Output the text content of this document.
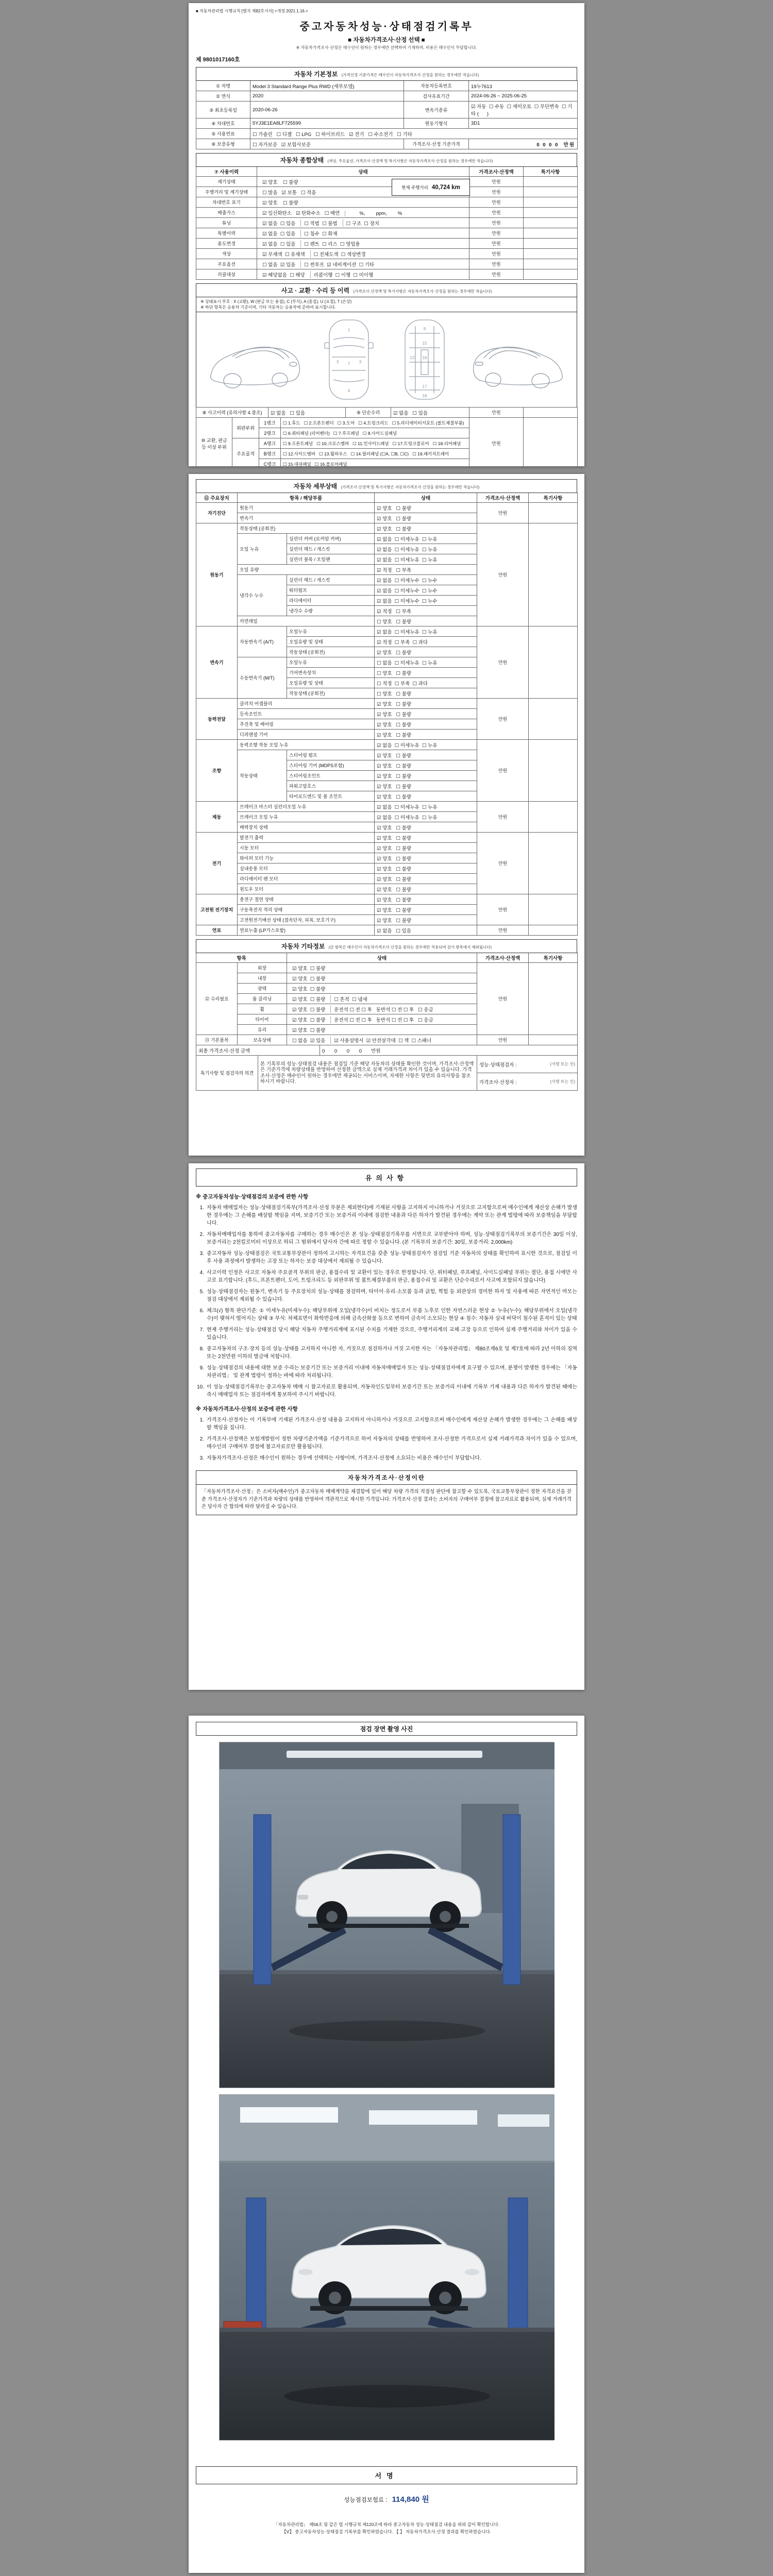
■ 자동차관리법 시행규칙 [별지 제82호서식] <개정 2021.1.16.>
중고자동차성능·상태점검기록부
■ 자동차가격조사·산정 선택 ■
※ 자동차가격조사·산정은 매수인이 원하는 경우에만 선택하여 기재하며, 비용은 매수인이 부담합니다.
제 9801017160호
자동차 기본정보 (가격산정 기준가격은 매수인이 자동차가격조사·산정을 원하는 경우에만 적습니다)
① 차명	Model 3 Standard Range Plus RWD (세부모델)	자동차등록번호	19누7613
② 연식	2020	검사유효기간	2024-06-26 ~ 2025-06-25
③ 최초등록일	2020-06-26	변속기종류	☑ 자동  ☐ 수동  ☐ 세미오토  ☐ 무단변속  ☐ 기타 (      )
④ 차대번호	5YJ3E1EA8LF725599	원동기형식	3D1
⑤ 사용연료	☐ 가솔린   ☐ 디젤   ☐ LPG   ☐ 하이브리드   ☑ 전기   ☐ 수소전기   ☐ 기타		
⑥ 보증유형	☐ 자가보증   ☑ 보험사보증	가격조사·산정 기준가격	0 0 0 0  만원
자동차 종합상태 (색상, 주요옵션, 가격조사·산정액 및 특기사항은 자동차가격조사·산정을 원하는 경우에만 적습니다)
⑦ 사용이력	상태	가격조사·산정액	특기사항
계기상태	☑ 양호    ☐ 불량	만원	
주행거리 및 계기상태	☐ 많음   ☑ 보통   ☐ 적음	만원	
차대번호 표기	☑ 양호    ☐ 불량	만원	
배출가스	☑ 일산화탄소   ☑ 탄화수소   ☐ 매연        %,        ppm,        %	만원	
튜닝	☑ 없음  ☐ 있음 ☐ 적법  ☐ 불법 ☐ 구조  ☐ 장치	만원	
특별이력	☑ 없음  ☐ 있음 ☐ 침수  ☐ 화재	만원	
용도변경	☑ 없음  ☐ 있음 ☐ 렌트  ☐ 리스  ☐ 영업용	만원	
색상	☑ 무채색  ☐ 유채색 ☐ 전체도색  ☐ 색상변경	만원	
주요옵션	☐ 없음  ☑ 있음 ☐ 썬루프  ☑ 네비게이션  ☐ 기타	만원	
리콜대상	☑ 해당없음  ☐ 해당 리콜이행  ☐ 이행  ☐ 미이행	만원	
현재 주행거리 40,724 km
사고 · 교환 · 수리 등 이력 (가격조사·산정액 및 특기사항은 자동차가격조사·산정을 원하는 경우에만 적습니다)
※ 상태표시 부호 : X (교환), W (판금 또는 용접), C (부식), A (흠집), U (요철), T (손상)
※ 하단 항목은 승용차 기준이며, 기타 자동차는 승용차에 준하여 표시합니다.
1
7
4
3	3
9
15
16
17
12
18
⑧ 사고이력 (유의사항 4.참조)	☑ 없음   ☐ 있음	⑨ 단순수리	☑ 없음   ☐ 있음	만원	
⑩ 교환, 판금 등 이상 부위	외판부위	1랭크	☐ 1.후드   ☐ 2.프론트펜더   ☐ 3.도어   ☐ 4.트렁크리드   ☐ 5.라디에이터서포트 (볼트체결부품)	만원	
		2랭크	☐ 6.쿼터패널 (리어펜더)   ☐ 7.루프패널   ☐ 8.사이드실패널		
	주요골격	A랭크	☐ 9.프론트패널   ☐ 10.크로스멤버   ☐ 11.인사이드패널   ☐ 17.트렁크플로어   ☐ 18.리어패널		
		B랭크	☐ 12.사이드멤버   ☐ 13.휠하우스   ☐ 14.필러패널 (☐A, ☐B, ☐C)   ☐ 19.패키지트레이		
		C랭크	☐ 15.대쉬패널   ☐ 16.플로어패널		
자동차 세부상태 (가격조사·산정액 및 특기사항은 자동차가격조사·산정을 원하는 경우에만 적습니다)
⑪ 주요장치	항목 / 해당부품		상태	가격조사·산정액	특기사항
자기진단	원동기		☑ 양호   ☐ 불량	만원	
	변속기		☑ 양호   ☐ 불량		
원동기	작동상태 (공회전)		☑ 양호   ☐ 불량	만원	
	오일 누유	실린더 커버 (로커암 커버)	☑ 없음  ☐ 미세누유  ☐ 누유		
		실린더 헤드 / 개스킷	☑ 없음  ☐ 미세누유  ☐ 누유		
		실린더 블록 / 오일팬	☑ 없음  ☐ 미세누유  ☐ 누유		
	오일 유량		☑ 적정   ☐ 부족		
	냉각수 누수	실린더 헤드 / 개스킷	☑ 없음  ☐ 미세누수  ☐ 누수		
		워터펌프	☑ 없음  ☐ 미세누수  ☐ 누수		
		라디에이터	☑ 없음  ☐ 미세누수  ☐ 누수		
		냉각수 수량	☑ 적정   ☐ 부족		
	커먼레일		☐ 양호   ☐ 불량		
변속기	자동변속기 (A/T)	오일누유	☑ 없음  ☐ 미세누유  ☐ 누유	만원	
		오일유량 및 상태	☑ 적정  ☐ 부족  ☐ 과다		
		작동상태 (공회전)	☑ 양호   ☐ 불량		
	수동변속기 (M/T)	오일누유	☐ 없음  ☐ 미세누유  ☐ 누유		
		기어변속장치	☐ 양호   ☐ 불량		
		오일유량 및 상태	☐ 적정  ☐ 부족  ☐ 과다		
		작동상태 (공회전)	☐ 양호   ☐ 불량		
동력전달	클러치 어셈블리		☑ 양호   ☐ 불량	만원	
	등속조인트		☑ 양호   ☐ 불량		
	추진축 및 베어링		☑ 양호   ☐ 불량		
	디퍼렌셜 기어		☑ 양호   ☐ 불량		
조향	동력조향 작동 오일 누유		☑ 없음  ☐ 미세누유  ☐ 누유	만원	
	작동상태	스티어링 펌프	☑ 양호   ☐ 불량		
		스티어링 기어 (MDPS포함)	☑ 양호   ☐ 불량		
		스티어링조인트	☑ 양호   ☐ 불량		
		파워고압호스	☑ 양호   ☐ 불량		
		타이로드엔드 및 볼 조인트	☑ 양호   ☐ 불량		
제동	브레이크 마스터 실린더오일 누유		☑ 없음  ☐ 미세누유  ☐ 누유	만원	
	브레이크 오일 누유		☑ 없음  ☐ 미세누유  ☐ 누유		
	배력장치 상태		☑ 양호   ☐ 불량		
전기	발전기 출력		☑ 양호   ☐ 불량	만원	
	시동 모터		☑ 양호   ☐ 불량		
	와이퍼 모터 기능		☑ 양호   ☐ 불량		
	실내송풍 모터		☑ 양호   ☐ 불량		
	라디에이터 팬 모터		☑ 양호   ☐ 불량		
	윈도우 모터		☑ 양호   ☐ 불량		
고전원 전기장치	충전구 절연 상태		☑ 양호   ☐ 불량	만원	
	구동축전지 격리 상태		☑ 양호   ☐ 불량		
	고전원전기배선 상태 (접속단자, 피복, 보호기구)		☑ 양호   ☐ 불량		
연료	연료누출 (LP가스포함)		☑ 없음   ☐ 있음	만원	
자동차 기타정보 (⑫ 항목은 매수인이 자동차가격조사·산정을 원하는 경우에만 적용되며 감가 항목에서 제외됩니다)
항목		상태	가격조사·산정액	특기사항
⑫ 수리필요	외장	☑ 양호  ☐ 불량	만원	
	내장	☑ 양호  ☐ 불량		
	광택	☑ 양호  ☐ 불량		
	룸 클리닝	☑ 양호  ☐ 불량 ☐ 흔적  ☐ 냄새		
	휠	☑ 양호  ☐ 불량 운전석 ☐ 전 ☐ 후   동반석 ☐ 전 ☐ 후   ☐ 응급		
	타이어	☑ 양호  ☐ 불량 운전석 ☐ 전 ☐ 후   동반석 ☐ 전 ☐ 후   ☐ 응급		
	유리	☑ 양호  ☐ 불량		
⑬ 기본품목	보유상태	☐ 없음  ☑ 있음 ☑ 사용설명서  ☑ 안전삼각대  ☐ 잭  ☐ 스패너	만원	
최종 가격조사·산정 금액	0 0 0 0 만원
특기사항 및 점검자의 의견	본 기록부의 성능·상태점검 내용은 점검일 기준 해당 자동차의 상태를 확인한 것이며, 가격조사·산정액은 기준가격에 차량상태를 반영하여 산정한 금액으로 실제 거래가격과 차이가 있을 수 있습니다. 가격조사·산정은 매수인이 원하는 경우에만 제공되는 서비스이며, 자세한 사항은 뒷면의 유의사항을 참조하시기 바랍니다.	
성능·상태점검자 :	(서명 또는 인)

가격조사·산정자 :	(서명 또는 인)
유의사항
※ 중고자동차성능·상태점검의 보증에 관한 사항
1. 자동차 매매업자는 성능·상태점검기록부(가격조사·산정 부분은 제외한다)에 기재된 사항을 고지하지 아니하거나 거짓으로 고지함으로써 매수인에게 재산상 손해가 발생한 경우에는 그 손해를 배상할 책임을 지며, 보증기간 또는 보증거리 이내에 점검한 내용과 다른 하자가 발견된 경우에는 계약 또는 관계 법령에 따라 보증책임을 부담합니다.
2. 자동차매매업자를 통하여 중고자동차를 구매하는 경우 매수인은 본 성능·상태점검기록부를 서면으로 교부받아야 하며, 성능·상태점검기록부의 보증기간은 30일 이상, 보증거리는 2천킬로미터 이상으로 하되 그 범위에서 당사자 간에 따로 정할 수 있습니다. (본 기록부의 보증기간: 30일, 보증거리: 2,000km)
3. 중고자동차 성능·상태점검은 국토교통부장관이 정하여 고시하는 자격요건을 갖춘 성능·상태점검자가 점검일 기준 자동차의 상태를 확인하여 표시한 것으로, 점검일 이후 사용 과정에서 발생하는 고장 또는 하자는 보증 대상에서 제외될 수 있습니다.
4. 사고이력 인정은 사고로 자동차 주요골격 부위의 판금, 용접수리 및 교환이 있는 경우로 한정합니다. 단, 쿼터패널, 루프패널, 사이드실패널 부위는 절단, 용접 시에만 사고로 표기합니다. (후드, 프론트펜더, 도어, 트렁크리드 등 외판부위 및 볼트체결부품의 판금, 용접수리 및 교환은 단순수리로서 사고에 포함되지 않습니다)
5. 성능·상태점검자는 원동기, 변속기 등 주요장치의 성능·상태를 점검하며, 타이어·유리·소모품 등과 긁힘, 찍힘 등 외관상의 경미한 하자 및 사용에 따른 자연적인 마모는 점검 대상에서 제외될 수 있습니다.
6. 체크(√) 항목 판단기준: ① 미세누유(미세누수): 해당부위에 오일(냉각수)이 비치는 정도로서 부품 노후로 인한 자연스러운 현상 ② 누유(누수): 해당부위에서 오일(냉각수)이 맺혀서 떨어지는 상태 ③ 부식: 차체표면이 화학반응에 의해 금속산화물 등으로 변하여 금속이 소모되는 현상 ④ 침수: 자동차 실내 바닥이 침수된 흔적이 있는 상태
7. 현재 주행거리는 성능·상태점검 당시 해당 자동차 주행거리계에 표시된 수치를 기재한 것으로, 주행거리계의 교체·고장 등으로 인하여 실제 주행거리와 차이가 있을 수 있습니다.
8. 중고자동차의 구조·장치 등의 성능·상태를 고지하지 아니한 자, 거짓으로 점검하거나 거짓 고지한 자는 「자동차관리법」 제80조제6호 및 제7호에 따라 2년 이하의 징역 또는 2천만원 이하의 벌금에 처합니다.
9. 성능·상태점검의 내용에 대한 보증 수리는 보증기간 또는 보증거리 이내에 자동차매매업자 또는 성능·상태점검자에게 요구할 수 있으며, 분쟁이 발생한 경우에는 「자동차관리법」 및 관계 법령이 정하는 바에 따라 처리됩니다.
10. 이 성능·상태점검기록부는 중고자동차 매매 시 참고자료로 활용되며, 자동차인도일부터 보증기간 또는 보증거리 이내에 기록부 기재 내용과 다른 하자가 발견된 때에는 즉시 매매업자 또는 점검자에게 통보하여 주시기 바랍니다.
※ 자동차가격조사·산정의 보증에 관한 사항
1. 가격조사·산정자는 이 기록부에 기재된 가격조사·산정 내용을 고지하지 아니하거나 거짓으로 고지함으로써 매수인에게 재산상 손해가 발생한 경우에는 그 손해를 배상할 책임을 집니다.
2. 가격조사·산정액은 보험개발원이 정한 차량기준가액을 기준가격으로 하여 자동차의 상태를 반영하여 조사·산정한 가격으로서 실제 거래가격과 차이가 있을 수 있으며, 매수인의 구매여부 결정에 참고자료로만 활용됩니다.
3. 자동차가격조사·산정은 매수인이 원하는 경우에 선택하는 사항이며, 가격조사·산정에 소요되는 비용은 매수인이 부담합니다.
자동차가격조사·산정이란
「자동차가격조사·산정」은 소비자(매수인)가 중고자동차 매매계약을 체결함에 있어 해당 차량 가격의 적절성 판단에 참고할 수 있도록, 국토교통부장관이 정한 자격요건을 갖춘 가격조사·산정자가 기준가격과 차량의 상태를 반영하여 객관적으로 제시한 가격입니다. 가격조사·산정 결과는 소비자의 구매여부 결정에 참고자료로 활용되며, 실제 거래가격은 당사자 간 합의에 따라 달라질 수 있습니다.
점검 장면 촬영 사진
서명
성능점검보험료 : 114,840 원
「자동차관리법」 제58조 및 같은 법 시행규칙 제120조에 따라 중고자동차 성능·상태점검 내용을 위와 같이 확인합니다.
【Ⅴ】 중고자동차성능·상태점검 기록부를 확인하였습니다. 【 】 자동차가격조사·산정 결과를 확인하였습니다.
